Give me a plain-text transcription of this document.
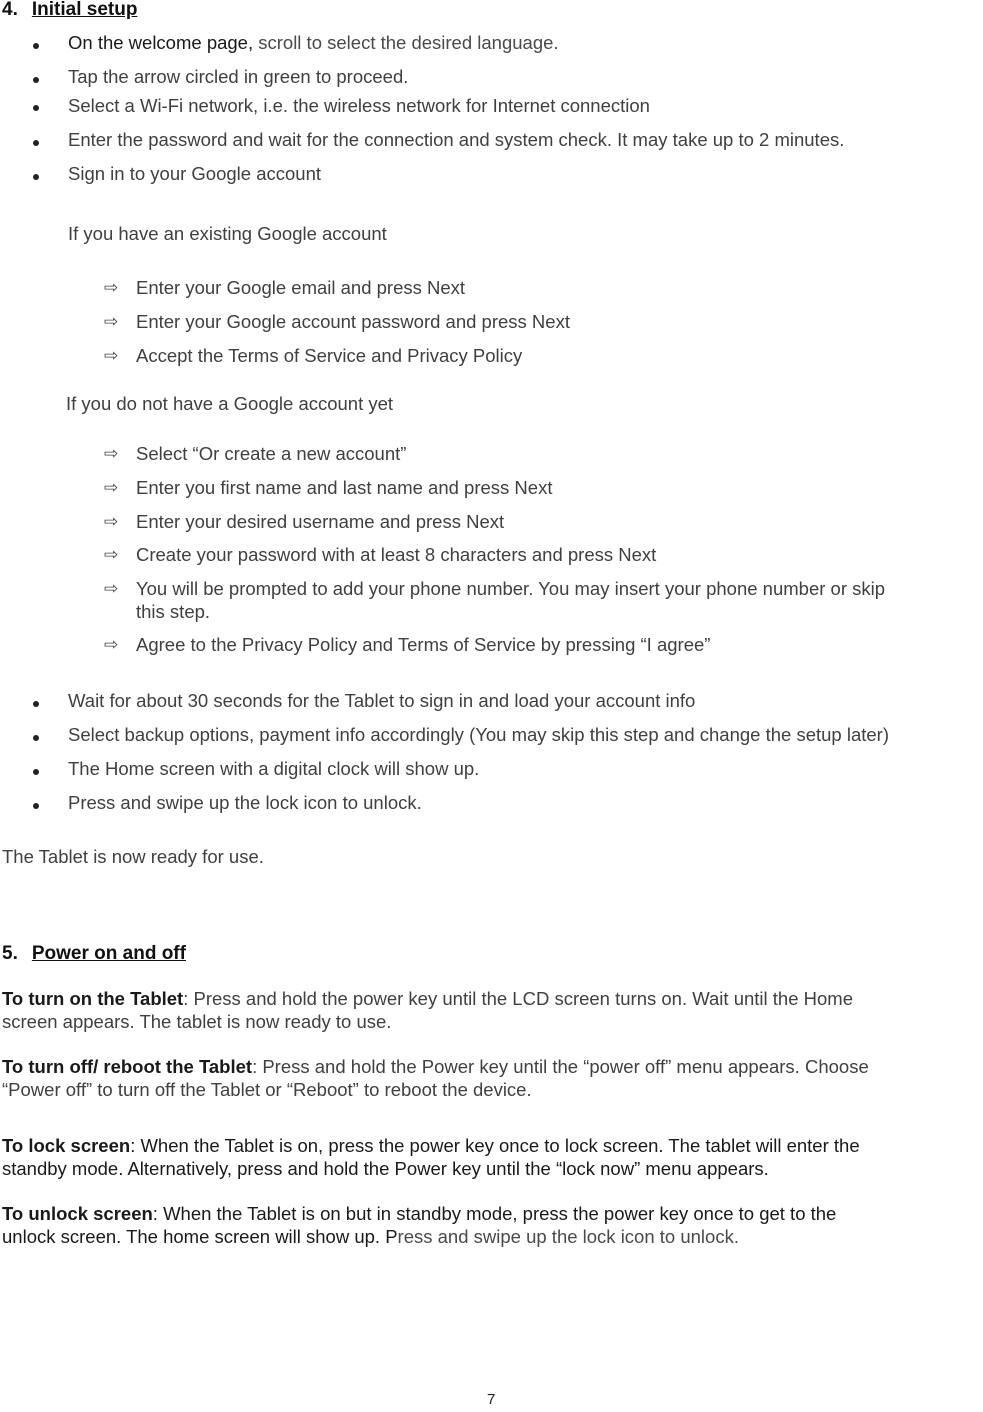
4. Initial setup
On the welcome page, scroll to select the desired language.
Tap the arrow circled in green to proceed.
Select a Wi-Fi network, i.e. the wireless network for Internet connection
Enter the password and wait for the connection and system check. It may take up to 2 minutes.
Sign in to your Google account
If you have an existing Google account
⇨ Enter your Google email and press Next
⇨ Enter your Google account password and press Next
⇨ Accept the Terms of Service and Privacy Policy
If you do not have a Google account yet
⇨ Select “Or create a new account”
⇨ Enter you first name and last name and press Next
⇨ Enter your desired username and press Next
⇨ Create your password with at least 8 characters and press Next
⇨ You will be prompted to add your phone number. You may insert your phone number or skip
this step.
⇨ Agree to the Privacy Policy and Terms of Service by pressing “I agree”
Wait for about 30 seconds for the Tablet to sign in and load your account info
Select backup options, payment info accordingly (You may skip this step and change the setup later)
The Home screen with a digital clock will show up.
Press and swipe up the lock icon to unlock.
The Tablet is now ready for use.
5. Power on and off
To turn on the Tablet: Press and hold the power key until the LCD screen turns on. Wait until the Home
screen appears. The tablet is now ready to use.
To turn off/ reboot the Tablet: Press and hold the Power key until the “power off” menu appears. Choose
“Power off” to turn off the Tablet or “Reboot” to reboot the device.
To lock screen: When the Tablet is on, press the power key once to lock screen. The tablet will enter the
standby mode. Alternatively, press and hold the Power key until the “lock now” menu appears.
To unlock screen: When the Tablet is on but in standby mode, press the power key once to get to the
unlock screen. The home screen will show up. Press and swipe up the lock icon to unlock.
7
